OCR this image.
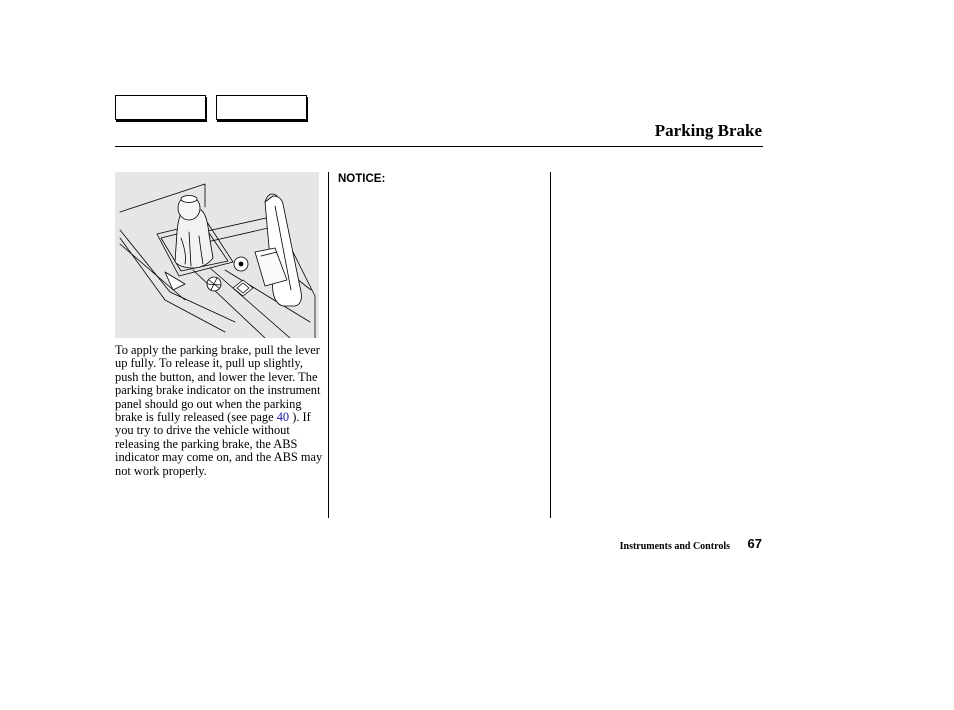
Parking Brake

To apply the parking brake, pull the lever up fully. To release it, pull up slightly, push the button, and lower the lever. The parking brake indicator on the instrument panel should go out when the parking brake is fully released (see page 40 ). If you try to drive the vehicle without releasing the parking brake, the ABS indicator may come on, and the ABS may not work properly.

NOTICE:
Instruments and Controls 67
